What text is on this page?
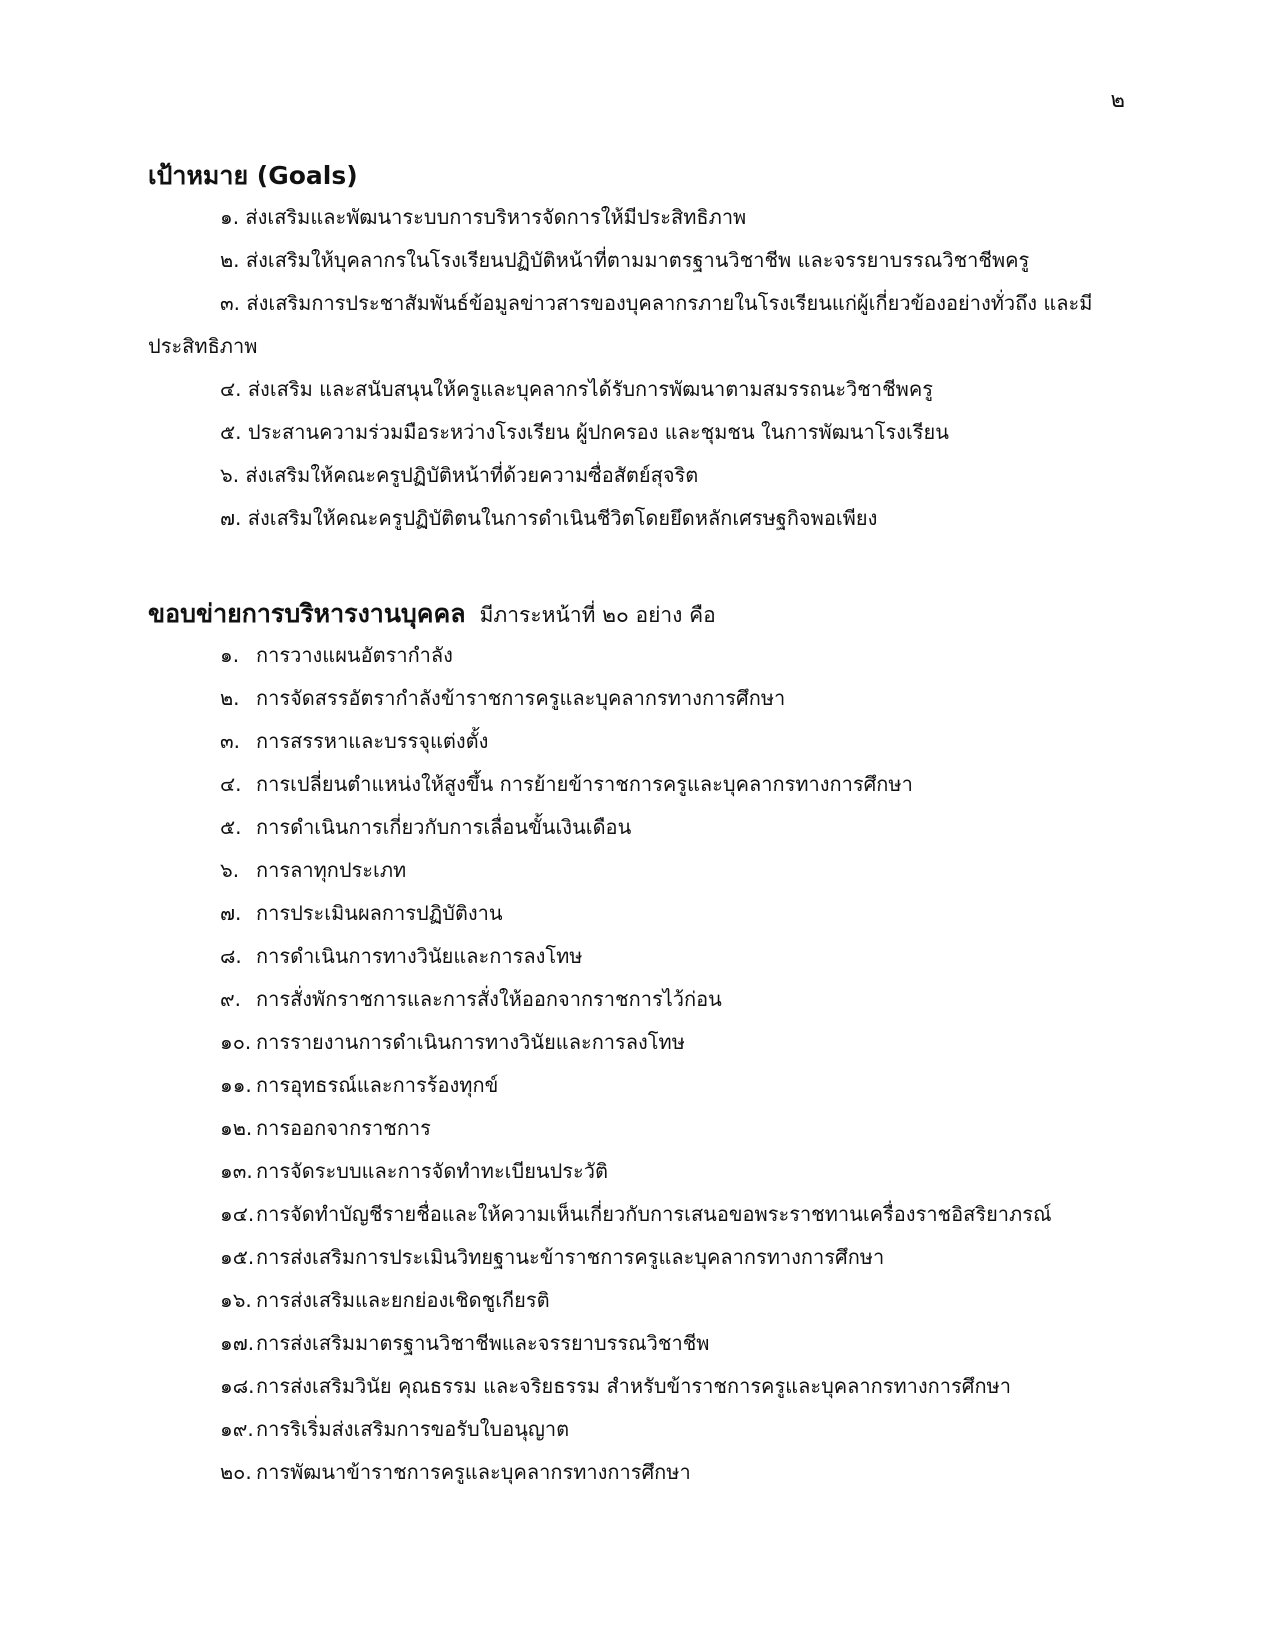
๒
เป้าหมาย (Goals)
๑. ส่งเสริมและพัฒนาระบบการบริหารจัดการให้มีประสิทธิภาพ
๒. ส่งเสริมให้บุคลากรในโรงเรียนปฏิบัติหน้าที่ตามมาตรฐานวิชาชีพ และจรรยาบรรณวิชาชีพครู
๓. ส่งเสริมการประชาสัมพันธ์ข้อมูลข่าวสารของบุคลากรภายในโรงเรียนแก่ผู้เกี่ยวข้องอย่างทั่วถึง และมี
ประสิทธิภาพ
๔. ส่งเสริม และสนับสนุนให้ครูและบุคลากรได้รับการพัฒนาตามสมรรถนะวิชาชีพครู
๕. ประสานความร่วมมือระหว่างโรงเรียน ผู้ปกครอง และชุมชน ในการพัฒนาโรงเรียน
๖. ส่งเสริมให้คณะครูปฏิบัติหน้าที่ด้วยความซื่อสัตย์สุจริต
๗. ส่งเสริมให้คณะครูปฏิบัติตนในการดำเนินชีวิตโดยยึดหลักเศรษฐกิจพอเพียง
ขอบข่ายการบริหารงานบุคคล มีภาระหน้าที่ ๒๐ อย่าง คือ
๑. การวางแผนอัตรากำลัง
๒. การจัดสรรอัตรากำลังข้าราชการครูและบุคลากรทางการศึกษา
๓. การสรรหาและบรรจุแต่งตั้ง
๔. การเปลี่ยนตำแหน่งให้สูงขึ้น การย้ายข้าราชการครูและบุคลากรทางการศึกษา
๕. การดำเนินการเกี่ยวกับการเลื่อนขั้นเงินเดือน
๖. การลาทุกประเภท
๗. การประเมินผลการปฏิบัติงาน
๘. การดำเนินการทางวินัยและการลงโทษ
๙. การสั่งพักราชการและการสั่งให้ออกจากราชการไว้ก่อน
๑๐. การรายงานการดำเนินการทางวินัยและการลงโทษ
๑๑. การอุทธรณ์และการร้องทุกข์
๑๒. การออกจากราชการ
๑๓. การจัดระบบและการจัดทำทะเบียนประวัติ
๑๔. การจัดทำบัญชีรายชื่อและให้ความเห็นเกี่ยวกับการเสนอขอพระราชทานเครื่องราชอิสริยาภรณ์
๑๕. การส่งเสริมการประเมินวิทยฐานะข้าราชการครูและบุคลากรทางการศึกษา
๑๖. การส่งเสริมและยกย่องเชิดชูเกียรติ
๑๗. การส่งเสริมมาตรฐานวิชาชีพและจรรยาบรรณวิชาชีพ
๑๘. การส่งเสริมวินัย คุณธรรม และจริยธรรม สำหรับข้าราชการครูและบุคลากรทางการศึกษา
๑๙. การริเริ่มส่งเสริมการขอรับใบอนุญาต
๒๐. การพัฒนาข้าราชการครูและบุคลากรทางการศึกษา
